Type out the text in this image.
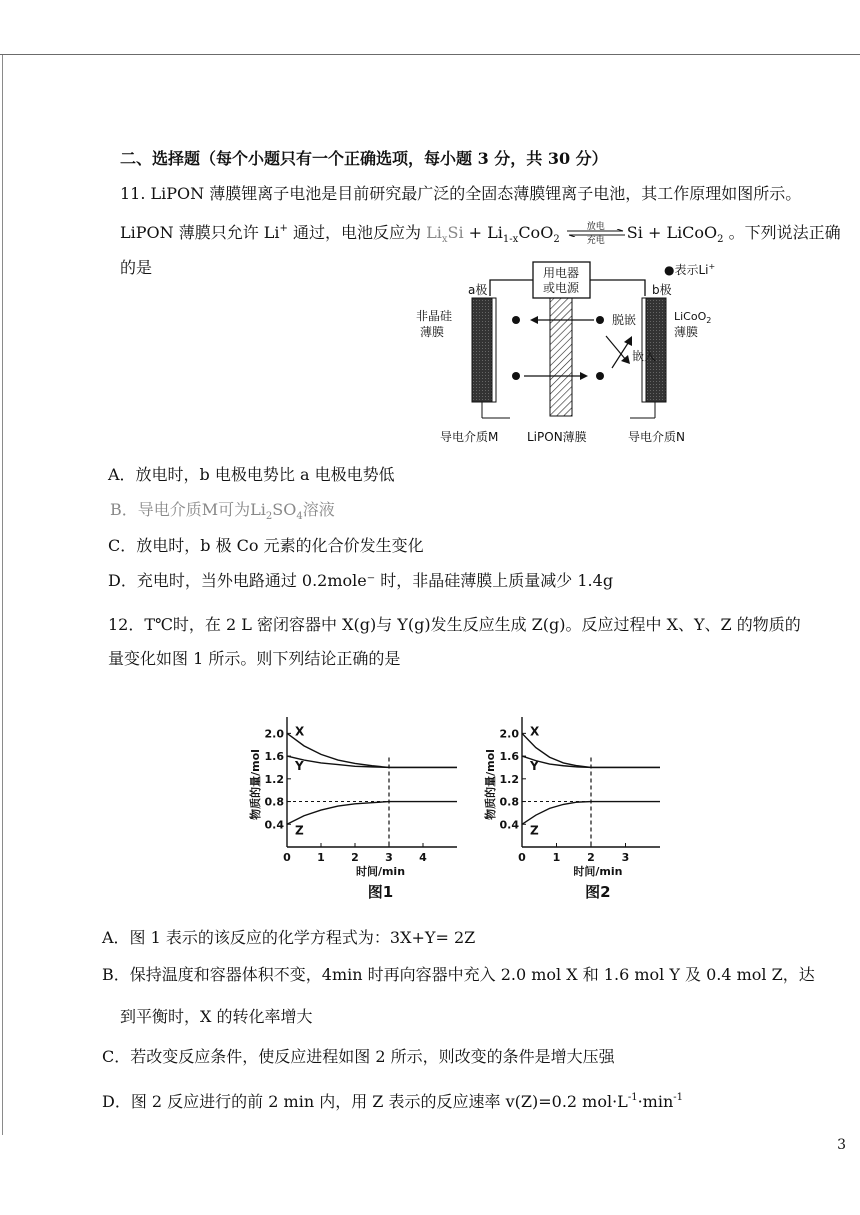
二、选择题（每个小题只有一个正确选项，每小题 3 分，共 30 分）
11. LiPON 薄膜锂离子电池是目前研究最广泛的全固态薄膜锂离子电池，其工作原理如图所示。
LiPON 薄膜只允许 Li+ 通过，电池反应为 $Li_xSi + Li_{1-x}CoO_2$
放电
充电	Si + LiCoO$_2$ 。下列说法正确
的是	用电器
或电源
●表示Li+
a极	b极
非晶硅
薄膜
LiCoO$_2$
薄膜
脱嵌
嵌入
导电介质M LiPON薄膜	导电介质N
A．放电时，b 电极电势比 a 电极电势低
B．导电介质M可为$Li_2SO_4$溶液
C．放电时，b 极 Co 元素的化合价发生变化
D．充电时，当外电路通过 0.2mole⁻ 时，非晶硅薄膜上质量减少 1.4g
12．T℃时，在 2 L 密闭容器中 X(g)与 Y(g)发生反应生成 Z(g)。反应过程中 X、Y、Z 的物质的
量变化如图 1 所示。则下列结论正确的是
0.4
0.8
1.2
1.6
2.0
0 1 2 3 4
X
Y
Z
物质的量/mol
时间/min
图1
0.4
0.8
1.2
1.6
2.0
0 1 2 3
X
Y
Z
物质的量/mol
时间/min
图2
A．图 1 表示的该反应的化学方程式为：3X+Y= 2Z
B．保持温度和容器体积不变，4min 时再向容器中充入 2.0 mol X 和 1.6 mol Y 及 0.4 mol Z，达
到平衡时，X 的转化率增大
C．若改变反应条件，使反应进程如图 2 所示，则改变的条件是增大压强
D．图 2 反应进行的前 2 min 内，用 Z 表示的反应速率 v(Z)=0.2 $mol\cdot L^{-1}\cdot\min^{-1}$
3
